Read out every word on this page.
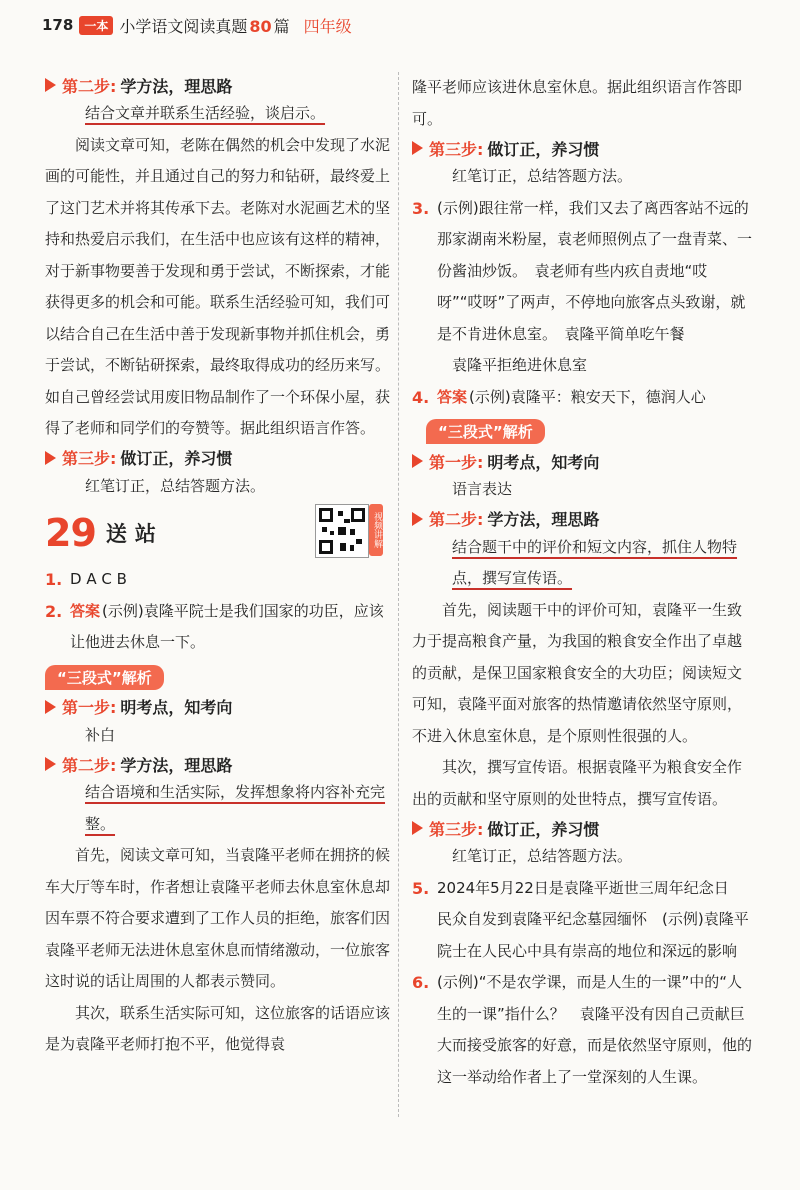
178 一本 小学语文阅读真题 80 篇 四年级
第二步: 学方法，理思路
结合文章并联系生活经验，谈启示。
阅读文章可知，老陈在偶然的机会中发现了水泥画的可能性，并且通过自己的努力和钻研，最终爱上了这门艺术并将其传承下去。老陈对水泥画艺术的坚持和热爱启示我们，在生活中也应该有这样的精神，对于新事物要善于发现和勇于尝试，不断探索，才能获得更多的机会和可能。联系生活经验可知，我们可以结合自己在生活中善于发现新事物并抓住机会，勇于尝试，不断钻研探索，最终取得成功的经历来写。如自己曾经尝试用废旧物品制作了一个环保小屋，获得了老师和同学们的夸赞等。据此组织语言作答。
第三步: 做订正，养习惯
红笔订正，总结答题方法。
29 送站	视频讲解
1. D A C B
2. 答案 (示例)袁隆平院士是我们国家的功臣，应该让他进去休息一下。
“三段式”解析
第一步: 明考点，知考向
补白
第二步: 学方法，理思路
结合语境和生活实际，发挥想象将内容补充完整。
首先，阅读文章可知，当袁隆平老师在拥挤的候车大厅等车时，作者想让袁隆平老师去休息室休息却因车票不符合要求遭到了工作人员的拒绝，旅客们因袁隆平老师无法进休息室休息而情绪激动，一位旅客这时说的话让周围的人都表示赞同。
其次，联系生活实际可知，这位旅客的话语应该是为袁隆平老师打抱不平，他觉得袁
隆平老师应该进休息室休息。据此组织语言作答即可。
第三步: 做订正，养习惯
红笔订正，总结答题方法。
3. (示例)跟往常一样，我们又去了离西客站不远的那家湖南米粉屋，袁老师照例点了一盘青菜、一份酱油炒饭。　袁老师有些内疚自责地“哎呀”“哎呀”了两声，不停地向旅客点头致谢，就是不肯进休息室。　袁隆平简单吃午餐
袁隆平拒绝进休息室
4. 答案 (示例)袁隆平：粮安天下，德润人心
“三段式”解析
第一步: 明考点，知考向
语言表达
第二步: 学方法，理思路
结合题干中的评价和短文内容，抓住人物特点，撰写宣传语。
首先，阅读题干中的评价可知，袁隆平一生致力于提高粮食产量，为我国的粮食安全作出了卓越的贡献，是保卫国家粮食安全的大功臣；阅读短文可知，袁隆平面对旅客的热情邀请依然坚守原则，不进入休息室休息，是个原则性很强的人。
其次，撰写宣传语。根据袁隆平为粮食安全作出的贡献和坚守原则的处世特点，撰写宣传语。
第三步: 做订正，养习惯
红笔订正，总结答题方法。
5. 2024年5月22日是袁隆平逝世三周年纪念日　民众自发到袁隆平纪念墓园缅怀　(示例)袁隆平院士在人民心中具有崇高的地位和深远的影响
6. (示例)“不是农学课，而是人生的一课”中的“人生的一课”指什么？　袁隆平没有因自己贡献巨大而接受旅客的好意，而是依然坚守原则，他的这一举动给作者上了一堂深刻的人生课。
